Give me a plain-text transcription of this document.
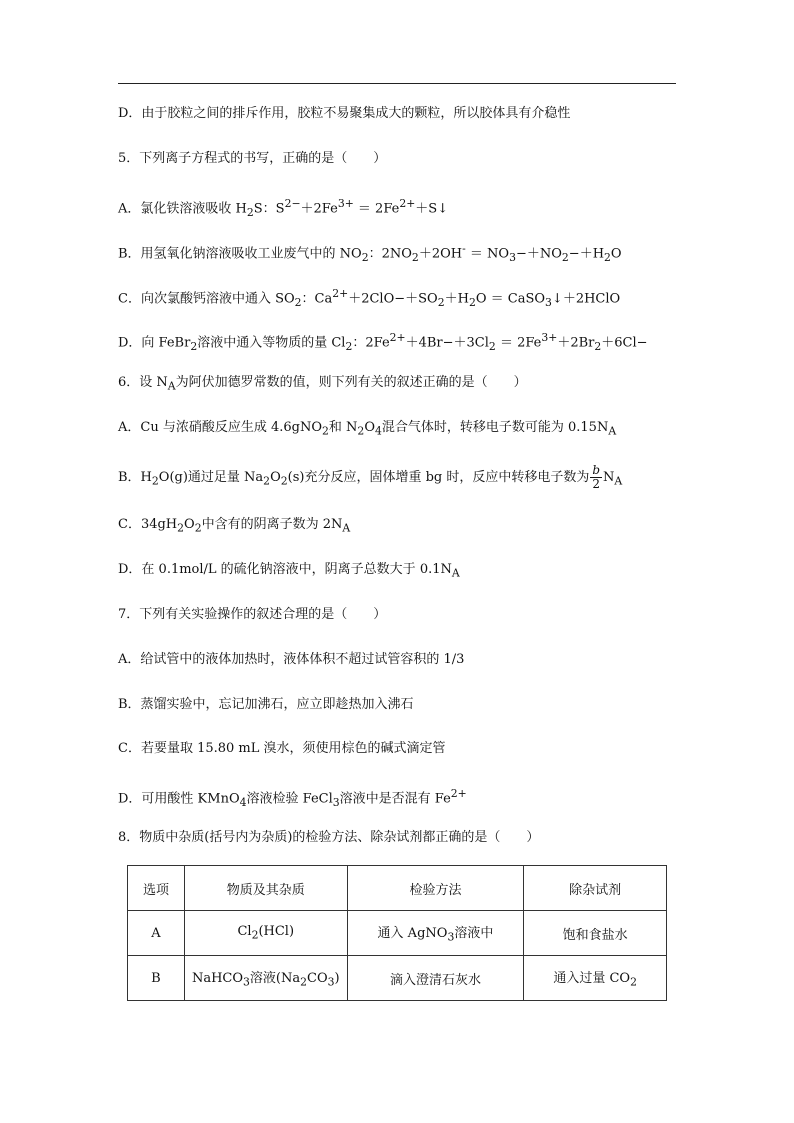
D．由于胶粒之间的排斥作用，胶粒不易聚集成大的颗粒，所以胶体具有介稳性
5．下列离子方程式的书写，正确的是（　　）
A．氯化铁溶液吸收 $H_2S$：$S^{2-}+2Fe^{3+}$ ＝ $2Fe^{2+}+S↓$
B．用氢氧化钠溶液吸收工业废气中的 $NO_2$：$2NO_2+2OH^- = NO_3-+NO_2-+H_2O$
C．向次氯酸钙溶液中通入 $SO_2$：$Ca^{2+}+2ClO-+SO_2+H_2O$ ＝ CaSO$_3$↓＋2HClO
D．向 FeBr$_2$溶液中通入等物质的量 $Cl_2$：$2Fe^{2+}+4Br-+3Cl_2 = 2Fe^{3+}+2Br_2+6Cl-$
6．设 $N_A$为阿伏加德罗常数的值，则下列有关的叙述正确的是（　　）
A．Cu 与浓硝酸反应生成 4.6gNO$_2$和 $N_2O_4$混合气体时，转移电子数可能为 $0.15N_A$
B．$H_2O(g)$通过足量 $Na_2O_2(s)$充分反应，固体增重 bg 时，反应中转移电子数为 $\frac{b}{2} N_A$
C．$34gH_2O_2$中含有的阴离子数为 $2N_A$
D．在 0.1mol/L 的硫化钠溶液中，阴离子总数大于 $0.1N_A$
7．下列有关实验操作的叙述合理的是（　　）
A．给试管中的液体加热时，液体体积不超过试管容积的 1/3
B．蒸馏实验中，忘记加沸石，应立即趁热加入沸石
C．若要量取 15.80 mL 溴水，须使用棕色的碱式滴定管
D．可用酸性 KMnO$_4$溶液检验 FeCl$_3$溶液中是否混有 $Fe^{2+}$
8．物质中杂质(括号内为杂质)的检验方法、除杂试剂都正确的是（　　）
选项	物质及其杂质	检验方法	除杂试剂
A	$Cl_2(HCl)$	通入 AgNO$_3$溶液中	饱和食盐水
B	NaHCO$_3$溶液$(Na_2CO_3)$	滴入澄清石灰水	通入过量 $CO_2$
